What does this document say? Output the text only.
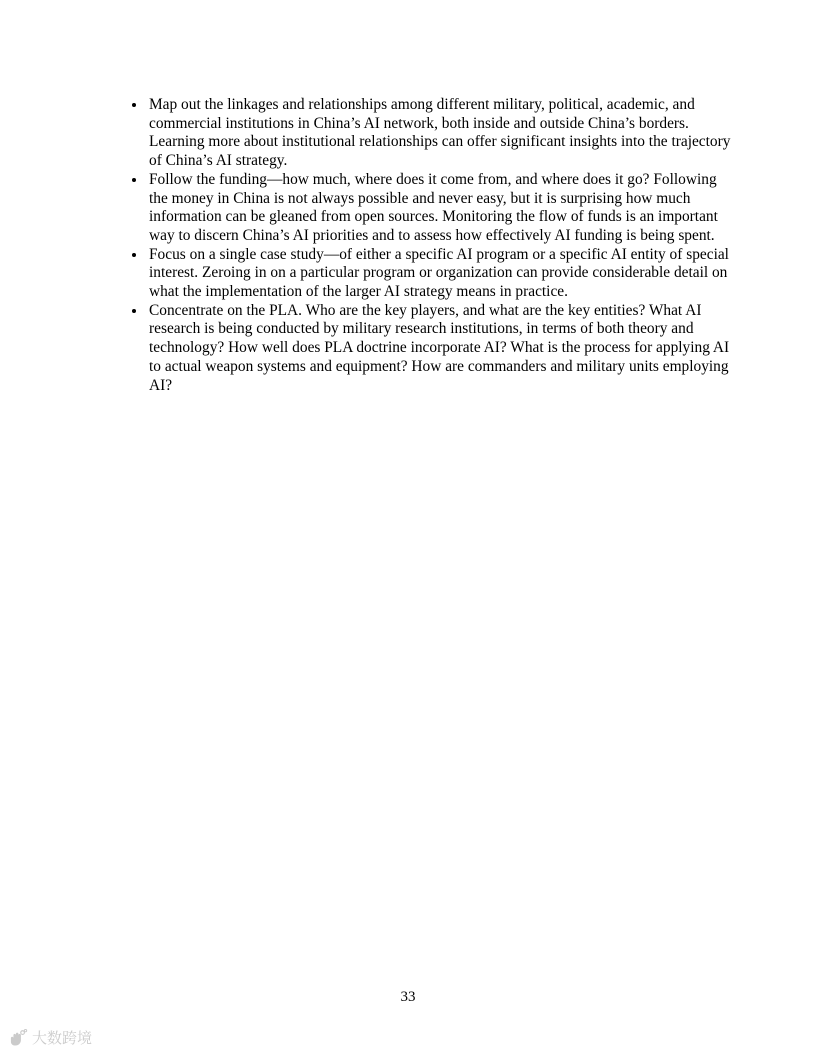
• Map out the linkages and relationships among different military, political, academic, and commercial institutions in China’s AI network, both inside and outside China’s borders. Learning more about institutional relationships can offer significant insights into the trajectory of China’s AI strategy.
• Follow the funding—how much, where does it come from, and where does it go? Following the money in China is not always possible and never easy, but it is surprising how much information can be gleaned from open sources. Monitoring the flow of funds is an important way to discern China’s AI priorities and to assess how effectively AI funding is being spent.
• Focus on a single case study—of either a specific AI program or a specific AI entity of special interest. Zeroing in on a particular program or organization can provide considerable detail on what the implementation of the larger AI strategy means in practice.
• Concentrate on the PLA. Who are the key players, and what are the key entities? What AI research is being conducted by military research institutions, in terms of both theory and technology? How well does PLA doctrine incorporate AI? What is the process for applying AI to actual weapon systems and equipment? How are commanders and military units employing AI?
33
大数跨境
